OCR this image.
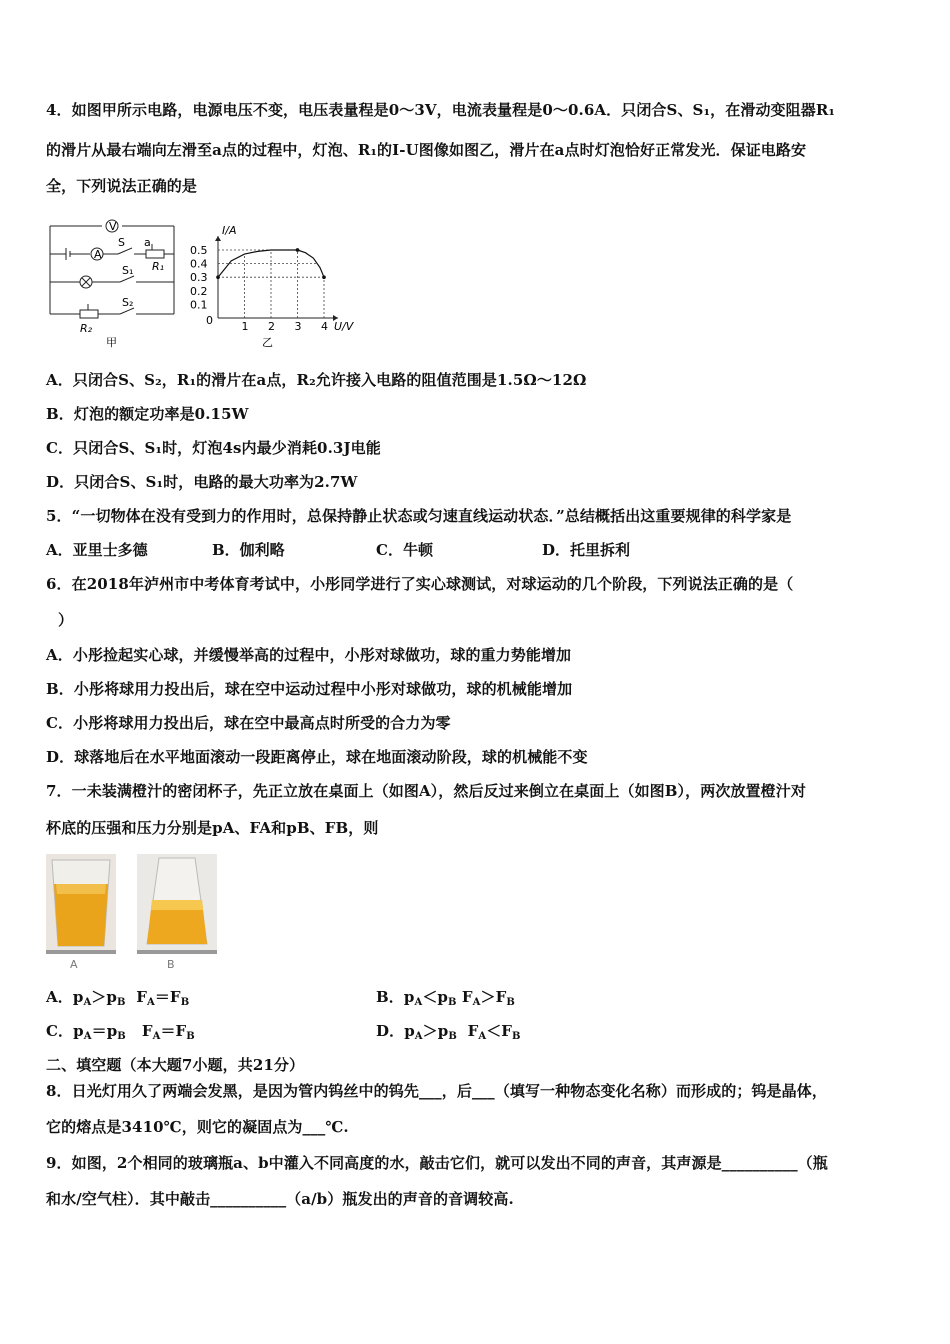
4．如图甲所示电路，电源电压不变，电压表量程是0～3V，电流表量程是0～0.6A．只闭合S、S₁，在滑动变阻器R₁
的滑片从最右端向左滑至a点的过程中，灯泡、R₁的I-U图像如图乙，滑片在a点时灯泡恰好正常发光．保证电路安
全，下列说法正确的是
V
A
S a
R₁
S₁
S₂
R₂
甲
0	1 2 3 4
0.1
0.2
0.3
0.4
0.5
I/A
U/V
乙
A．只闭合S、S₂，R₁的滑片在a点，R₂允许接入电路的阻值范围是1.5Ω～12Ω
B．灯泡的额定功率是0.15W
C．只闭合S、S₁时，灯泡4s内最少消耗0.3J电能
D．只闭合S、S₁时，电路的最大功率为2.7W
5．“一切物体在没有受到力的作用时，总保持静止状态或匀速直线运动状态．”总结概括出这重要规律的科学家是
A．亚里士多德	B．伽利略	C．牛顿	D．托里拆利
6．在2018年泸州市中考体育考试中，小彤同学进行了实心球测试，对球运动的几个阶段，下列说法正确的是（
）
A．小彤捡起实心球，并缓慢举高的过程中，小彤对球做功，球的重力势能增加
B．小彤将球用力投出后，球在空中运动过程中小彤对球做功，球的机械能增加
C．小彤将球用力投出后，球在空中最高点时所受的合力为零
D．球落地后在水平地面滚动一段距离停止，球在地面滚动阶段，球的机械能不变
7．一未装满橙汁的密闭杯子，先正立放在桌面上（如图A），然后反过来倒立在桌面上（如图B），两次放置橙汁对
杯底的压强和压力分别是pA、FA和pB、FB，则
A	B
A．$p_A>p_B$  $F_A=F_B$	B．$p_A<p_B$ $F_A>F_B$
C．$p_A=p_B$   $F_A=F_B$	D．$p_A>p_B$  $F_A<F_B$
二、填空题（本大题7小题，共21分）
8．日光灯用久了两端会发黑，是因为管内钨丝中的钨先___，后___（填写一种物态变化名称）而形成的；钨是晶体，
它的熔点是3410℃，则它的凝固点为___℃.
9．如图，2个相同的玻璃瓶a、b中灌入不同高度的水，敲击它们，就可以发出不同的声音，其声源是__________（瓶
和水/空气柱）．其中敲击__________（a/b）瓶发出的声音的音调较高.
